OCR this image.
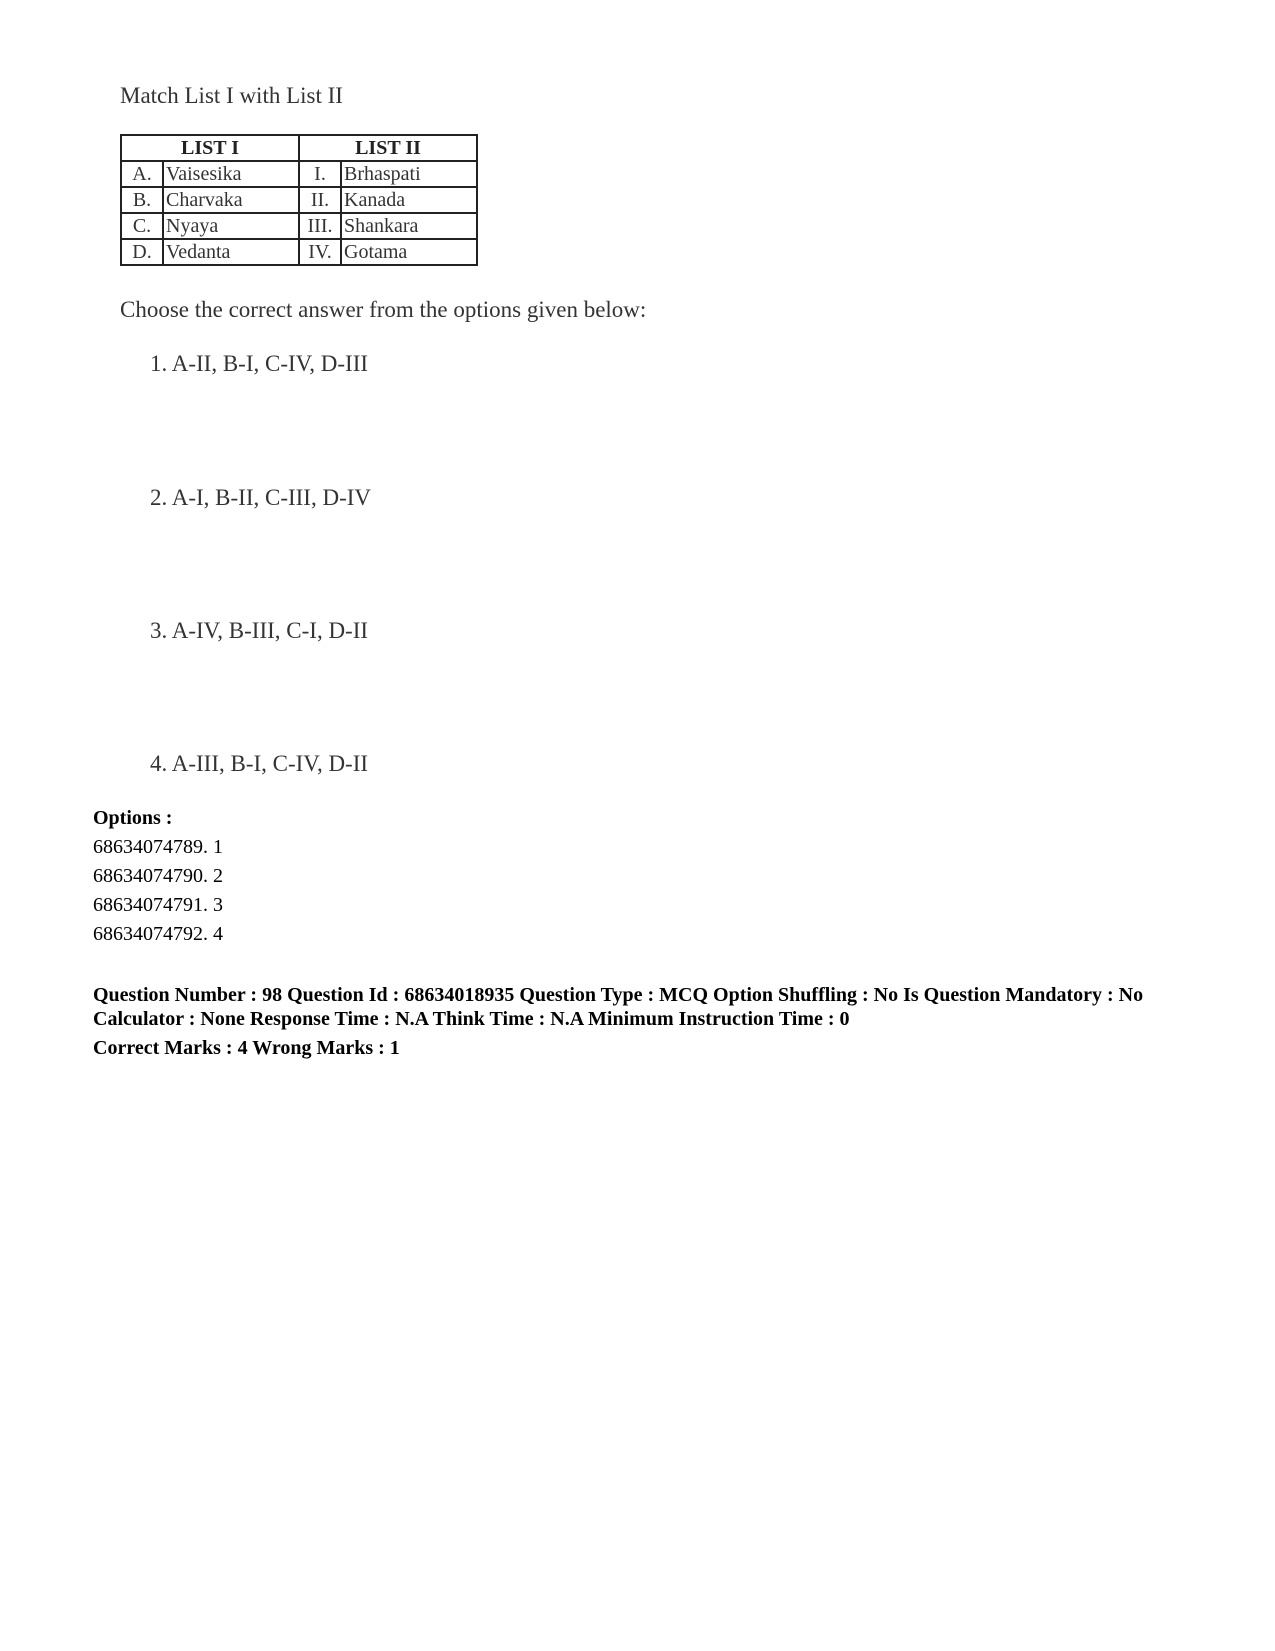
Match List I with List II

LIST I		LIST II	
A.	Vaisesika	I.	Brhaspati
B.	Charvaka	II.	Kanada
C.	Nyaya	III.	Shankara
D.	Vedanta	IV.	Gotama

Choose the correct answer from the options given below:

1. A-II, B-I, C-IV, D-III

2. A-I, B-II, C-III, D-IV

3. A-IV, B-III, C-I, D-II

4. A-III, B-I, C-IV, D-II

Options :

68634074789. 1

68634074790. 2

68634074791. 3

68634074792. 4

Question Number : 98 Question Id : 68634018935 Question Type : MCQ Option Shuffling : No Is Question Mandatory : No Calculator : None Response Time : N.A Think Time : N.A Minimum Instruction Time : 0

Correct Marks : 4 Wrong Marks : 1
